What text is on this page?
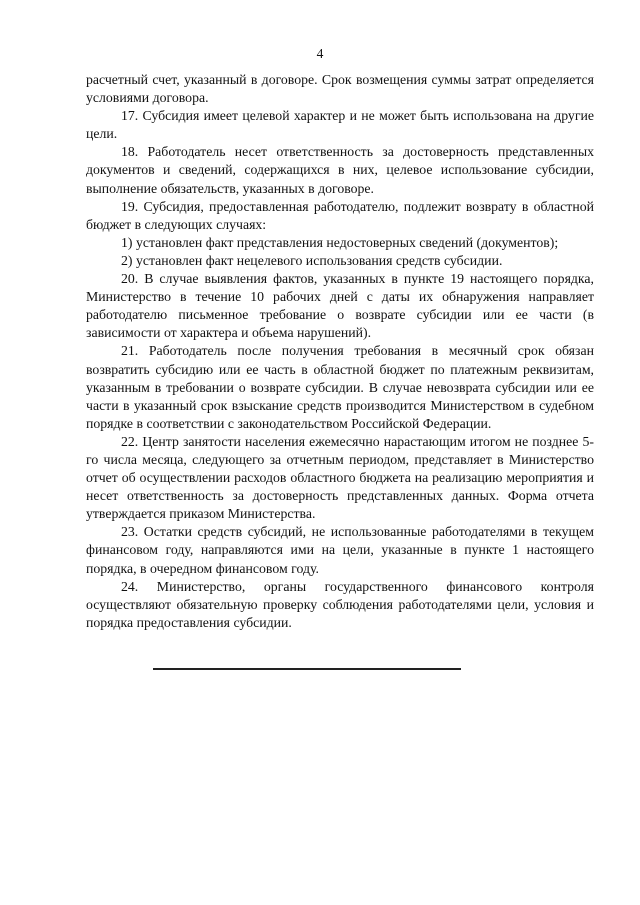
4

расчетный счет, указанный в договоре. Срок возмещения суммы затрат определяется условиями договора.

17. Субсидия имеет целевой характер и не может быть использована на другие цели.

18. Работодатель несет ответственность за достоверность представленных документов и сведений, содержащихся в них, целевое использование субсидии, выполнение обязательств, указанных в договоре.

19. Субсидия, предоставленная работодателю, подлежит возврату в областной бюджет в следующих случаях:

1) установлен факт представления недостоверных сведений (документов);

2) установлен факт нецелевого использования средств субсидии.

20. В случае выявления фактов, указанных в пункте 19 настоящего порядка, Министерство в течение 10 рабочих дней с даты их обнаружения направляет работодателю письменное требование о возврате субсидии или ее части (в зависимости от характера и объема нарушений).

21. Работодатель после получения требования в месячный срок обязан возвратить субсидию или ее часть в областной бюджет по платежным реквизитам, указанным в требовании о возврате субсидии. В случае невозврата субсидии или ее части в указанный срок взыскание средств производится Министерством в судебном порядке в соответствии с законодательством Российской Федерации.

22. Центр занятости населения ежемесячно нарастающим итогом не позднее 5-го числа месяца, следующего за отчетным периодом, представляет в Министерство отчет об осуществлении расходов областного бюджета на реализацию мероприятия и несет ответственность за достоверность представленных данных. Форма отчета утверждается приказом Министерства.

23. Остатки средств субсидий, не использованные работодателями в текущем финансовом году, направляются ими на цели, указанные в пункте 1 настоящего порядка, в очередном финансовом году.

24. Министерство, органы государственного финансового контроля осуществляют обязательную проверку соблюдения работодателями цели, условия и порядка предоставления субсидии.
